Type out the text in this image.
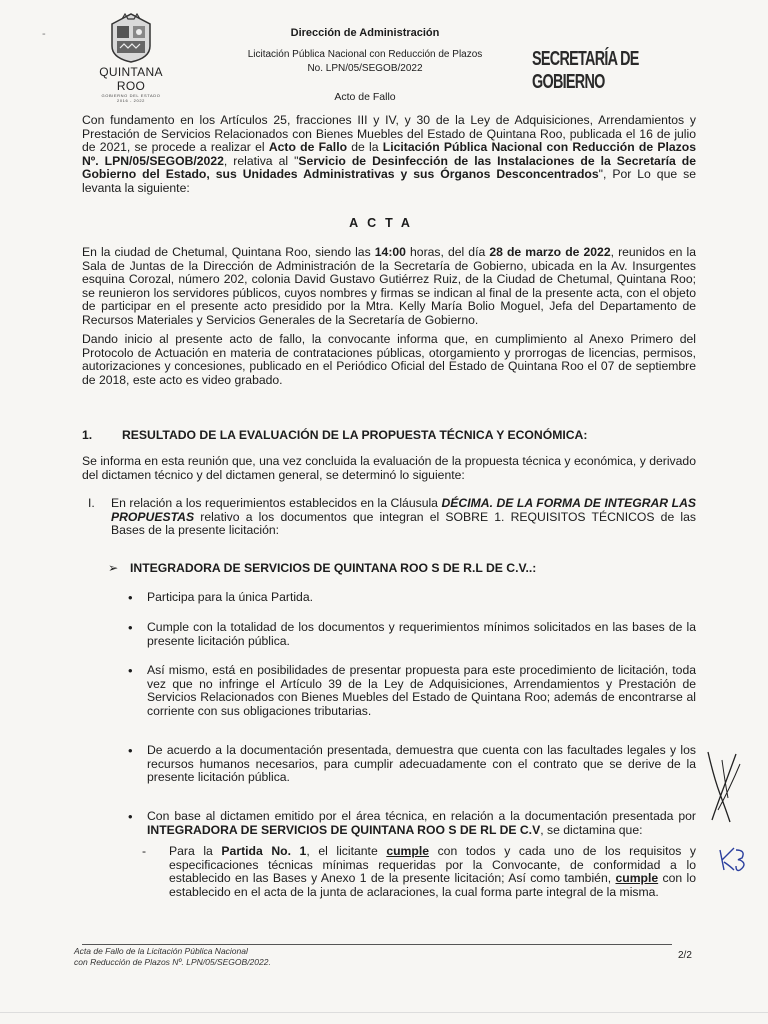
-
QUINTANA ROO
GOBIERNO DEL ESTADO
2016 - 2022
Dirección de Administración
Licitación Pública Nacional con Reducción de Plazos
No. LPN/05/SEGOB/2022
Acto de Fallo
SECRETARÍA DE GOBIERNO
Con fundamento en los Artículos 25, fracciones III y IV, y 30 de la Ley de Adquisiciones, Arrendamientos y Prestación de Servicios Relacionados con Bienes Muebles del Estado de Quintana Roo, publicada el 16 de julio de 2021, se procede a realizar el Acto de Fallo de la Licitación Pública Nacional con Reducción de Plazos Nº. LPN/05/SEGOB/2022, relativa al "Servicio de Desinfección de las Instalaciones de la Secretaría de Gobierno del Estado, sus Unidades Administrativas y sus Órganos Desconcentrados", Por Lo que se levanta la siguiente:
ACTA
En la ciudad de Chetumal, Quintana Roo, siendo las 14:00 horas, del día 28 de marzo de 2022, reunidos en la Sala de Juntas de la Dirección de Administración de la Secretaría de Gobierno, ubicada en la Av. Insurgentes esquina Corozal, número 202, colonia David Gustavo Gutiérrez Ruiz, de la Ciudad de Chetumal, Quintana Roo; se reunieron los servidores públicos, cuyos nombres y firmas se indican al final de la presente acta, con el objeto de participar en el presente acto presidido por la Mtra. Kelly María Bolio Moguel, Jefa del Departamento de Recursos Materiales y Servicios Generales de la Secretaría de Gobierno.
Dando inicio al presente acto de fallo, la convocante informa que, en cumplimiento al Anexo Primero del Protocolo de Actuación en materia de contrataciones públicas, otorgamiento y prorrogas de licencias, permisos, autorizaciones y concesiones, publicado en el Periódico Oficial del Estado de Quintana Roo el 07 de septiembre de 2018, este acto es video grabado.
1. RESULTADO DE LA EVALUACIÓN DE LA PROPUESTA TÉCNICA Y ECONÓMICA:
Se informa en esta reunión que, una vez concluida la evaluación de la propuesta técnica y económica, y derivado del dictamen técnico y del dictamen general, se determinó lo siguiente:
I. En relación a los requerimientos establecidos en la Cláusula DÉCIMA. DE LA FORMA DE INTEGRAR LAS PROPUESTAS relativo a los documentos que integran el SOBRE 1. REQUISITOS TÉCNICOS de las Bases de la presente licitación:
➢ INTEGRADORA DE SERVICIOS DE QUINTANA ROO S DE R.L DE C.V..:
• Participa para la única Partida.
• Cumple con la totalidad de los documentos y requerimientos mínimos solicitados en las bases de la presente licitación pública.
• Así mismo, está en posibilidades de presentar propuesta para este procedimiento de licitación, toda vez que no infringe el Artículo 39 de la Ley de Adquisiciones, Arrendamientos y Prestación de Servicios Relacionados con Bienes Muebles del Estado de Quintana Roo; además de encontrarse al corriente con sus obligaciones tributarias.
• De acuerdo a la documentación presentada, demuestra que cuenta con las facultades legales y los recursos humanos necesarios, para cumplir adecuadamente con el contrato que se derive de la presente licitación pública.
• Con base al dictamen emitido por el área técnica, en relación a la documentación presentada por INTEGRADORA DE SERVICIOS DE QUINTANA ROO S DE RL DE C.V, se dictamina que:
- Para la Partida No. 1, el licitante cumple con todos y cada uno de los requisitos y especificaciones técnicas mínimas requeridas por la Convocante, de conformidad a lo establecido en las Bases y Anexo 1 de la presente licitación; Así como también, cumple con lo establecido en el acta de la junta de aclaraciones, la cual forma parte integral de la misma.
Acta de Fallo de la Licitación Pública Nacional
con Reducción de Plazos Nº. LPN/05/SEGOB/2022.
2/2
